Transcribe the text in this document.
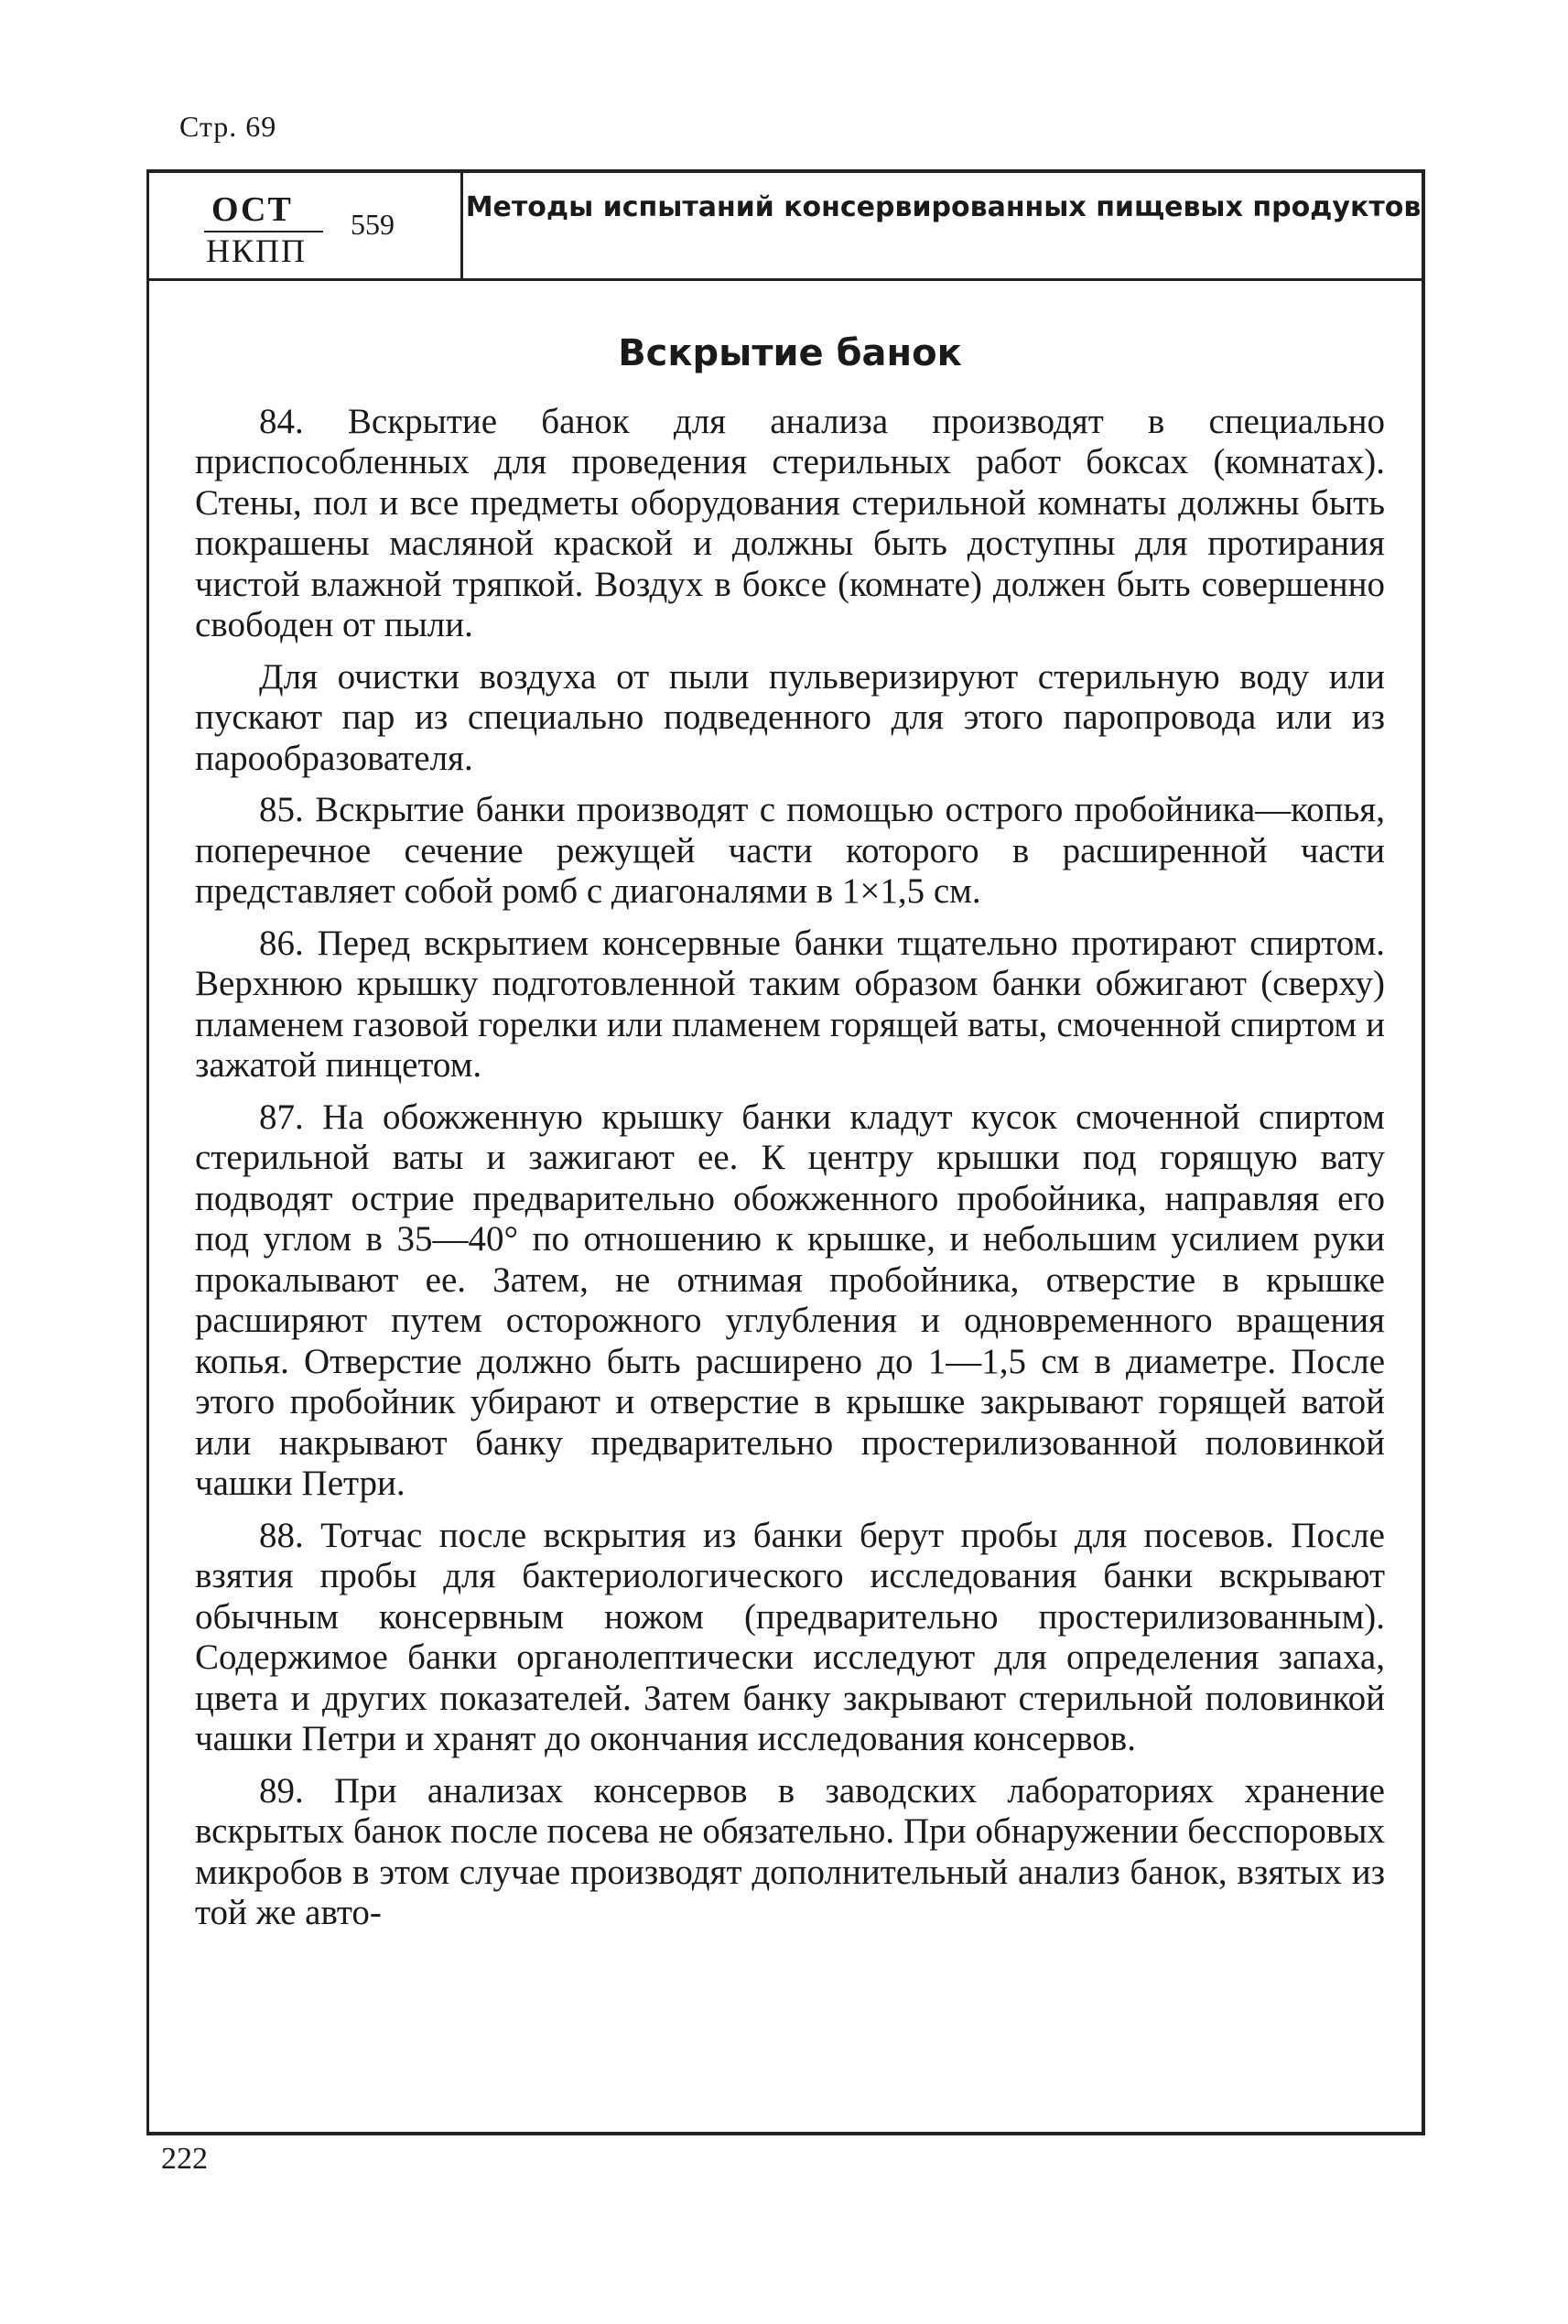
Стр. 69
ОСТ
НКПП
559
Методы испытаний консервированных пищевых продуктов
Вскрытие банок

84. Вскрытие банок для анализа производят в специально приспособленных для проведения стерильных работ боксах (комнатах). Стены, пол и все предметы оборудования стерильной комнаты должны быть покрашены масляной краской и должны быть доступны для протирания чистой влажной тряпкой. Воздух в боксе (комнате) должен быть совершенно свободен от пыли.

Для очистки воздуха от пыли пульверизируют стерильную воду или пускают пар из специально подведенного для этого паропровода или из парообразователя.

85. Вскрытие банки производят с помощью острого пробойника—копья, поперечное сечение режущей части которого в расширенной части представляет собой ромб с диагоналями в 1×1,5 см.

86. Перед вскрытием консервные банки тщательно протирают спиртом. Верхнюю крышку подготовленной таким образом банки обжигают (сверху) пламенем газовой горелки или пламенем горящей ваты, смоченной спиртом и зажатой пинцетом.

87. На обожженную крышку банки кладут кусок смоченной спиртом стерильной ваты и зажигают ее. К центру крышки под горящую вату подводят острие предварительно обожженного пробойника, направляя его под углом в 35—40° по отношению к крышке, и небольшим усилием руки прокалывают ее. Затем, не отнимая пробойника, отверстие в крышке расширяют путем осторожного углубления и одновременного вращения копья. Отверстие должно быть расширено до 1—1,5 см в диаметре. После этого пробойник убирают и отверстие в крышке закрывают горящей ватой или накрывают банку предварительно простерилизованной половинкой чашки Петри.

88. Тотчас после вскрытия из банки берут пробы для посевов. После взятия пробы для бактериологического исследования банки вскрывают обычным консервным ножом (предварительно простерилизованным). Содержимое банки органолептически исследуют для определения запаха, цвета и других показателей. Затем банку закрывают стерильной половинкой чашки Петри и хранят до окончания исследования консервов.

89. При анализах консервов в заводских лабораториях хранение вскрытых банок после посева не обязательно. При обнаружении бесспоровых микробов в этом случае производят дополнительный анализ банок, взятых из той же авто-

222
